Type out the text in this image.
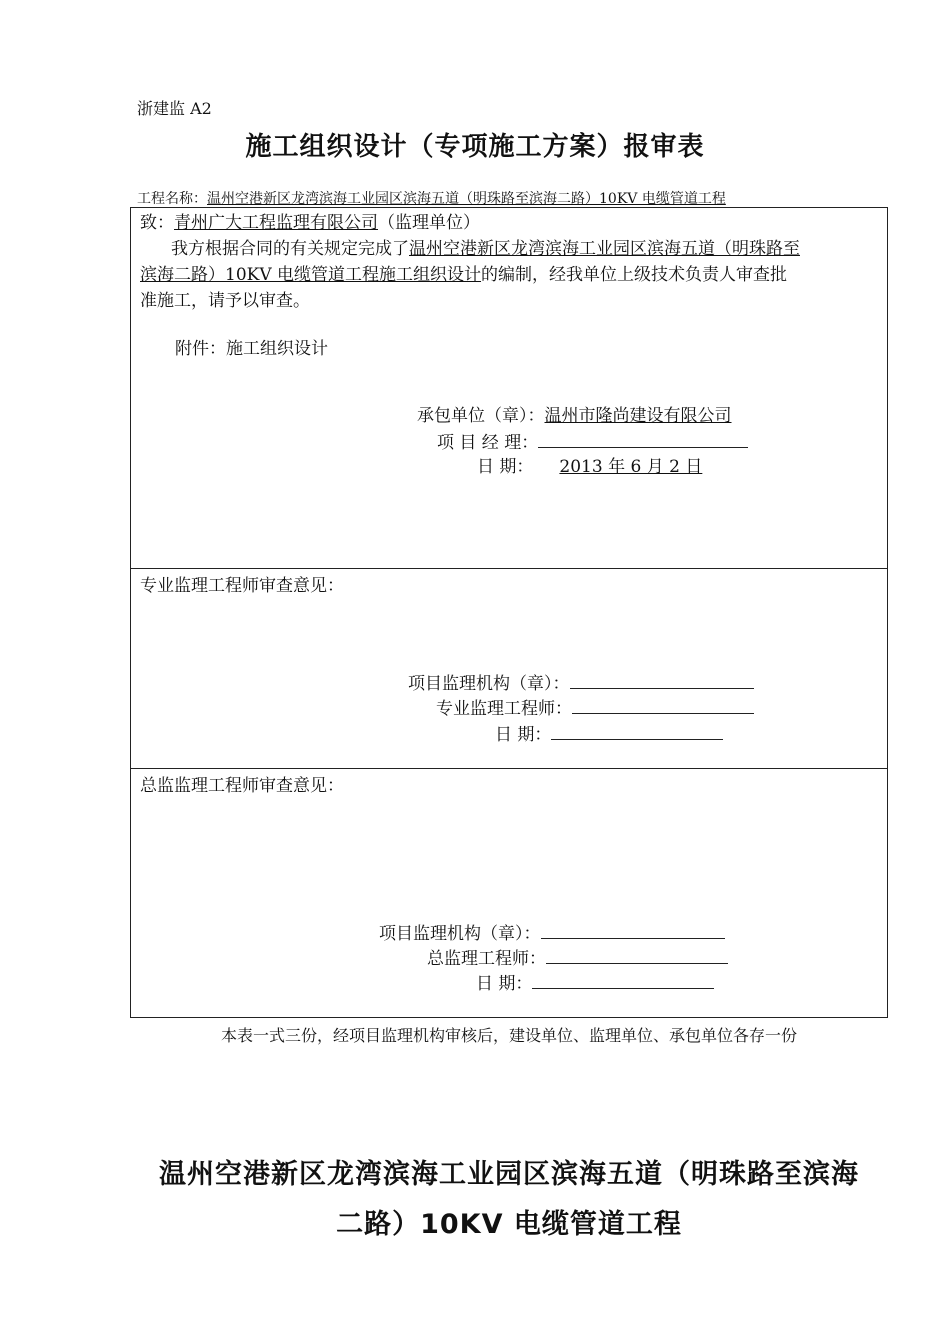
浙建监 A2
施工组织设计（专项施工方案）报审表
工程名称：温州空港新区龙湾滨海工业园区滨海五道（明珠路至滨海二路）10KV 电缆管道工程
致：青州广大工程监理有限公司（监理单位）
我方根据合同的有关规定完成了温州空港新区龙湾滨海工业园区滨海五道（明珠路至
滨海二路）10KV 电缆管道工程施工组织设计的编制，经我单位上级技术负责人审查批
准施工，请予以审查。
附件：施工组织设计
承包单位（章）：温州市隆尚建设有限公司
项 目 经 理：
日 期： 2013 年 6 月 2 日
专业监理工程师审查意见：
项目监理机构（章）：
专业监理工程师：
日 期：
总监监理工程师审查意见：
项目监理机构（章）：
总监理工程师：
日 期：
本表一式三份，经项目监理机构审核后，建设单位、监理单位、承包单位各存一份
温州空港新区龙湾滨海工业园区滨海五道（明珠路至滨海
二路）10KV 电缆管道工程
